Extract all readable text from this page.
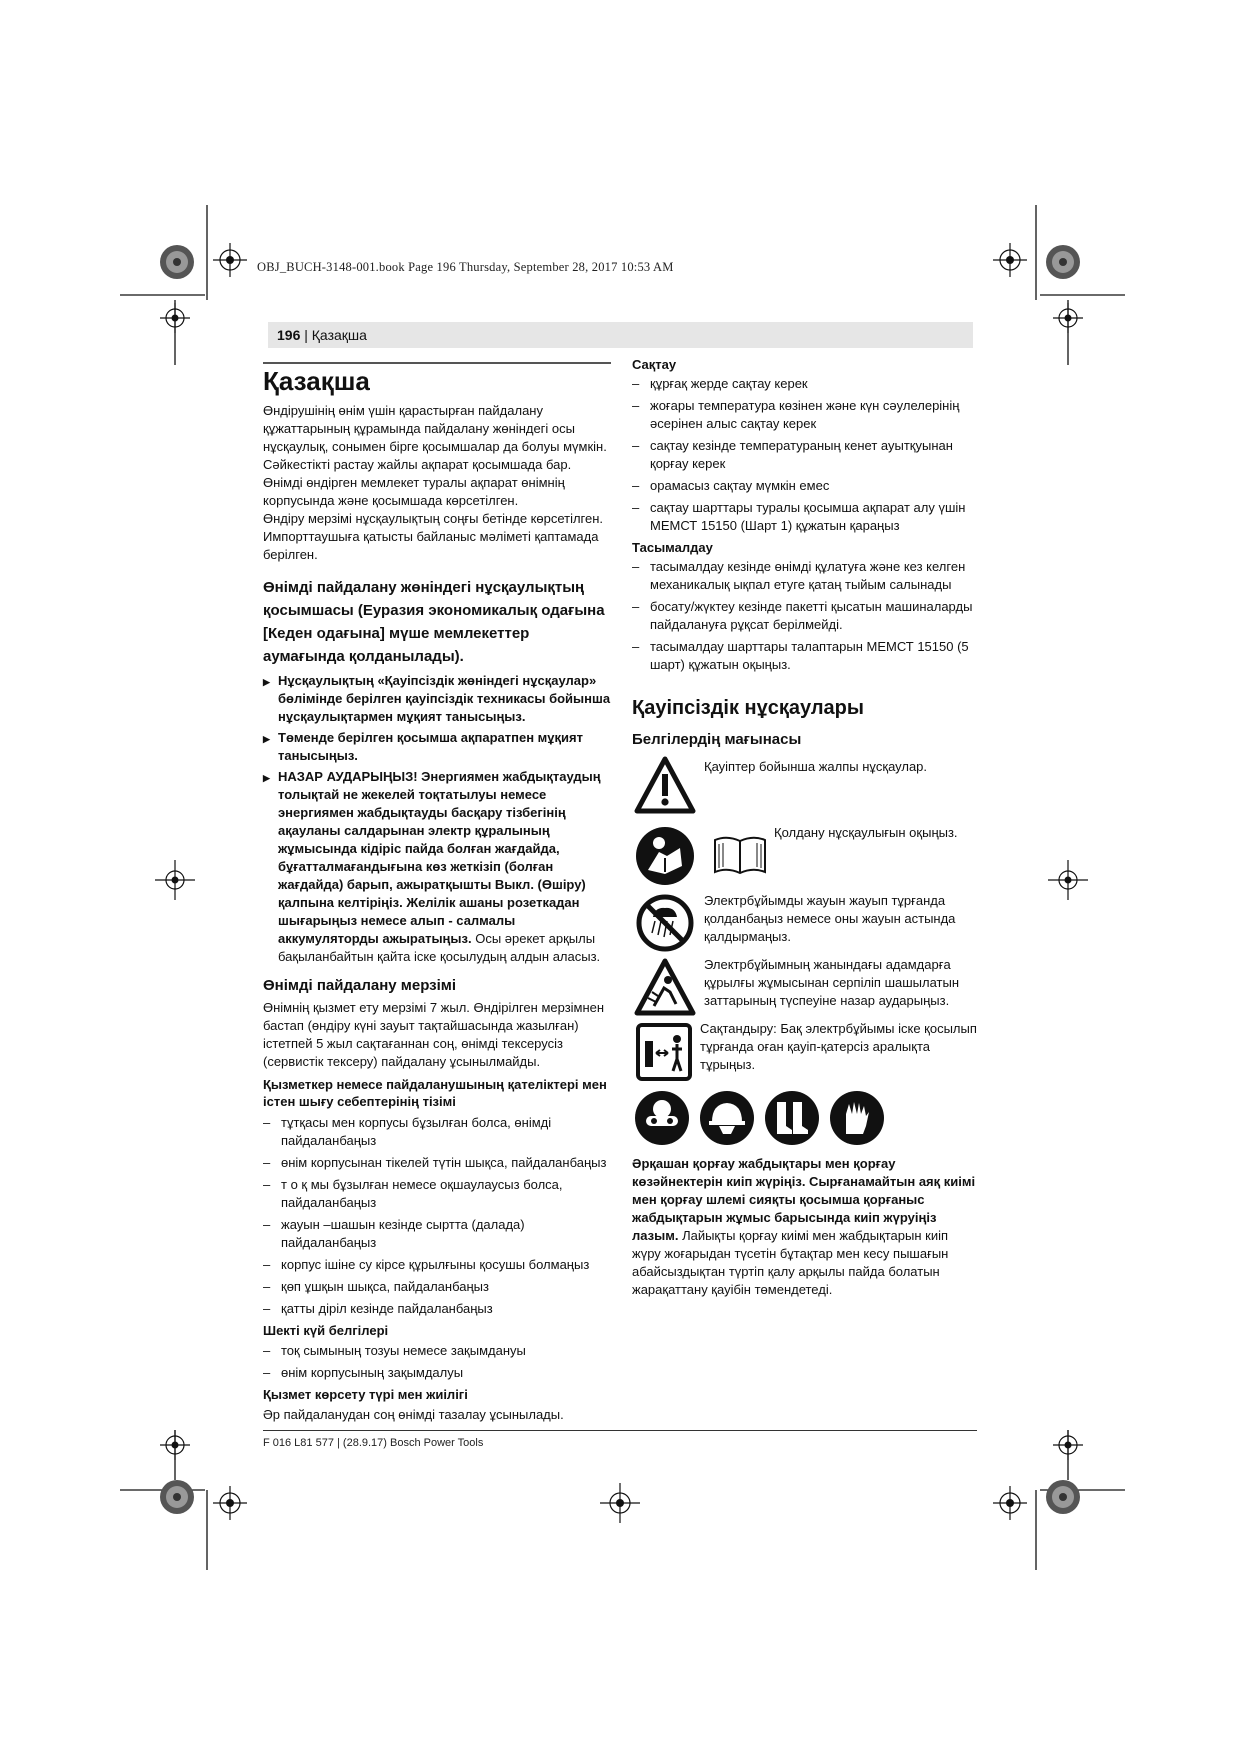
OBJ_BUCH-3148-001.book Page 196 Thursday, September 28, 2017 10:53 AM
196 | Қазақша
Қазақша

Өндірушінің өнім үшін қарастырған пайдалану құжаттарының құрамында пайдалану жөніндегі осы нұсқаулық, сонымен бірге қосымшалар да болуы мүмкін.

Сәйкестікті растау жайлы ақпарат қосымшада бар.

Өнімді өндірген мемлекет туралы ақпарат өнімнің корпусында және қосымшада көрсетілген.

Өндіру мерзімі нұсқаулықтың соңғы бетінде көрсетілген.

Импорттаушыға қатысты байланыс мәліметі қаптамада берілген.

Өнімді пайдалану жөніндегі нұсқаулықтың қосымшасы (Еуразия экономикалық одағына [Кеден одағына] мүше мемлекеттер аумағында қолданылады).
▶ Нұсқаулықтың «Қауіпсіздік жөніндегі нұсқаулар» бөлімінде берілген қауіпсіздік техникасы бойынша нұсқаулықтармен мұқият танысыңыз.
▶ Төменде берілген қосымша ақпаратпен мұқият танысыңыз.
▶ НАЗАР АУДАРЫҢЫЗ! Энергиямен жабдықтаудың толықтай не жекелей тоқтатылуы немесе энергиямен жабдықтауды басқару тізбегінің ақауланы салдарынан электр құралының жұмысында кідіріс пайда болған жағдайда, бұғатталмағандығына көз жеткізіп (болған жағдайда) барып, ажыратқышты Выкл. (Өшіру) қалпына келтіріңіз. Желілік ашаны розеткадан шығарыңыз немесе алып - салмалы аккумуляторды ажыратыңыз. Осы әрекет арқылы бақыланбайтын қайта іске қосылудың алдын аласыз.
Өнімді пайдалану мерзімі

Өнімнің қызмет ету мерзімі 7 жыл. Өндірілген мерзімнен бастап (өндіру күні зауыт тақтайшасында жазылған) істетпей 5 жыл сақтағаннан соң, өнімді тексерусіз (сервистік тексеру) пайдалану ұсынылмайды.

Қызметкер немесе пайдаланушының қателіктері мен істен шығу себептерінің тізімі
– тұтқасы мен корпусы бұзылған болса, өнімді пайдаланбаңыз
– өнім корпусынан тікелей түтін шықса, пайдаланбаңыз
– т о қ мы бұзылған немесе оқшаулаусыз болса, пайдаланбаңыз
– жауын –шашын кезінде сыртта (далада) пайдаланбаңыз
– корпус ішіне су кірсе құрылғыны қосушы болмаңыз
– қөп ұшқын шықса, пайдаланбаңыз
– қатты діріл кезінде пайдаланбаңыз
Шекті күй белгілері
– тоқ сымының тозуы немесе зақымдануы
– өнім корпусының зақымдалуы
Қызмет көрсету түрі мен жиілігі

Әр пайдаланудан соң өнімді тазалау ұсынылады.

Сақтау
– құрғақ жерде сақтау керек
– жоғары температура көзінен және күн сәулелерінің әсерінен алыс сақтау керек
– сақтау кезінде температураның кенет ауытқуынан қорғау керек
– орамасыз сақтау мүмкін емес
– сақтау шарттары туралы қосымша ақпарат алу үшін МЕМСТ 15150 (Шарт 1) құжатын қараңыз
Тасымалдау
– тасымалдау кезінде өнімді құлатуға және кез келген механикалық ықпал етуге қатаң тыйым салынады
– босату/жүктеу кезінде пакетті қысатын машиналарды пайдалануға рұқсат берілмейді.
– тасымалдау шарттары талаптарын МЕМСТ 15150 (5 шарт) құжатын оқыңыз.
Қауіпсіздік нұсқаулары
Белгілердің мағынасы
Қауіптер бойынша жалпы нұсқаулар.
Қолдану нұсқаулығын оқыңыз.
Электрбұйымды жауын жауып тұрғанда қолданбаңыз немесе оны жауын астында қалдырмаңыз.
Электрбұйымның жанындағы адамдарға құрылғы жұмысынан серпіліп шашылатын заттарының түспеуіне назар аударыңыз.
Сақтандыру: Бақ электрбұйымы іске қосылып тұрғанда оған қауіп-қатерсіз аралықта тұрыңыз.
Әрқашан қорғау жабдықтары мен қорғау көзәйнектерін киіп жүріңіз. Сырғанамайтын аяқ киімі мен қорғау шлемі сияқты қосымша қорғаныс жабдықтарын жұмыс барысында киіп жүруіңіз лазым. Лайықты қорғау киімі мен жабдықтарын киіп жүру жоғарыдан түсетін бұтақтар мен кесу пышағын абайсыздықтан түртіп қалу арқылы пайда болатын жарақаттану қауібін төмендетеді.
F 016 L81 577 | (28.9.17) Bosch Power Tools
